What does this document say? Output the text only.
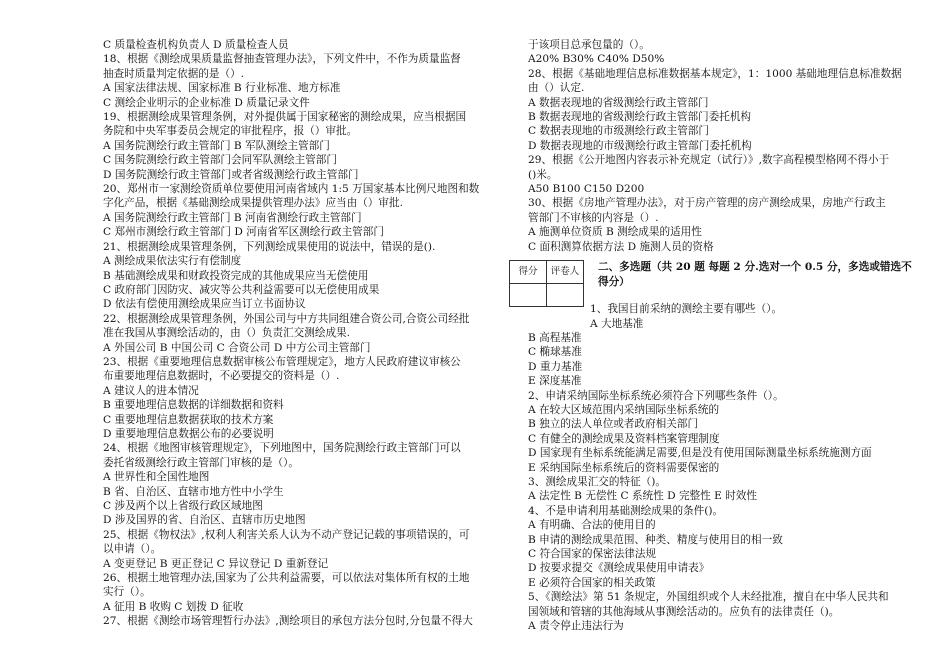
C 质量检查机构负责人 D 质量检查人员
18、根据《测绘成果质量监督抽查管理办法》，下列文件中，不作为质量监督
抽查时质量判定依据的是（）.
A 国家法律法规、国家标准 B 行业标准、地方标准
C 测绘企业明示的企业标准 D 质量记录文件
19、根据测绘成果管理条例，对外提供属于国家秘密的测绘成果，应当根据国
务院和中央军事委员会规定的审批程序，报（）审批。
A 国务院测绘行政主管部门 B 军队测绘主管部门
C 国务院测绘行政主管部门会同军队测绘主管部门
D 国务院测绘行政主管部门或者省级测绘行政主管部门
20、郑州市一家测绘资质单位要使用河南省域内 1:5 万国家基本比例尺地图和数
字化产品，根据《基础测绘成果提供管理办法》应当由（）审批.
A 国务院测绘行政主管部门 B 河南省测绘行政主管部门
C 郑州市测绘行政主管部门 D 河南省军区测绘行政主管部门
21、根据测绘成果管理条例，下列测绘成果使用的说法中，错误的是().
A 测绘成果依法实行有偿制度
B 基础测绘成果和财政投资完成的其他成果应当无偿使用
C 政府部门因防灾、减灾等公共利益需要可以无偿使用成果
D 依法有偿使用测绘成果应当订立书面协议
22、根据测绘成果管理条例，外国公司与中方共同组建合资公司,合资公司经批
准在我国从事测绘活动的，由（）负责汇交测绘成果.
A 外国公司 B 中国公司 C 合资公司 D 中方公司主管部门
23、根据《重要地理信息数据审核公布管理规定》，地方人民政府建议审核公
布重要地理信息数据时，不必要提交的资料是（）.
A 建议人的进本情况
B 重要地理信息数据的详细数据和资料
C 重要地理信息数据获取的技术方案
D 重要地理信息数据公布的必要说明
24、根据《地图审核管理规定》，下列地图中，国务院测绘行政主管部门可以
委托省级测绘行政主管部门审核的是（）。
A 世界性和全国性地图
B 省、自治区、直辖市地方性中小学生
C 涉及两个以上省级行政区域地图
D 涉及国界的省、自治区、直辖市历史地图
25、根据《物权法》,权利人利害关系人认为不动产登记记载的事项错误的，可
以申请（）。
A 变更登记 B 更正登记 C 异议登记 D 重新登记
26、根据土地管理办法,国家为了公共利益需要，可以依法对集体所有权的土地
实行（）。
A 征用 B 收购 C 划拨 D 征收
27、根据《测绘市场管理暂行办法》,测绘项目的承包方法分包时,分包量不得大
于该项目总承包量的（）。
A20% B30% C40% D50%
28、根据《基础地理信息标准数据基本规定》，1：1000 基础地理信息标准数据
由（）认定.
A 数据表现地的省级测绘行政主管部门
B 数据表现地的省级测绘行政主管部门委托机构
C 数据表现地的市级测绘行政主管部门
D 数据表现地的市级测绘行政主管部门委托机构
29、根据《公开地图内容表示补充规定（试行）》,数字高程模型格网不得小于
()米。
A50 B100 C150 D200
30、根据《房地产管理办法》，对于房产管理的房产测绘成果，房地产行政主
管部门不审核的内容是（）.
A 施测单位资质 B 测绘成果的适用性
C 面积测算依据方法 D 施测人员的资格
得分	评卷人
	二、多选题（共 20 题 每题 2 分.选对一个 0.5 分，多选或错选不得分）
1、我国目前采纳的测绘主要有哪些（）。
A 大地基准
B 高程基准
C 椭球基准
D 重力基准
E 深度基准
2、申请采纳国际坐标系统必须符合下列哪些条件（）。
A 在较大区域范围内采纳国际坐标系统的
B 独立的法人单位或者政府相关部门
C 有健全的测绘成果及资料档案管理制度
D 国家现有坐标系统能满足需要,但是没有使用国际测量坐标系统施测方面
E 采纳国际坐标系统后的资料需要保密的
3、测绘成果汇交的特征（)。
A 法定性 B 无偿性 C 系统性 D 完整性 E 时效性
4、不是申请利用基础测绘成果的条件()。
A 有明确、合法的使用目的
B 申请的测绘成果范围、种类、精度与使用目的相一致
C 符合国家的保密法律法规
D 按要求提交《测绘成果使用申请表》
E 必须符合国家的相关政策
5、《测绘法》第 51 条规定，外国组织或个人未经批准，擅自在中华人民共和
国领域和管辖的其他海域从事测绘活动的。应负有的法律责任（)。
A 责令停止违法行为
